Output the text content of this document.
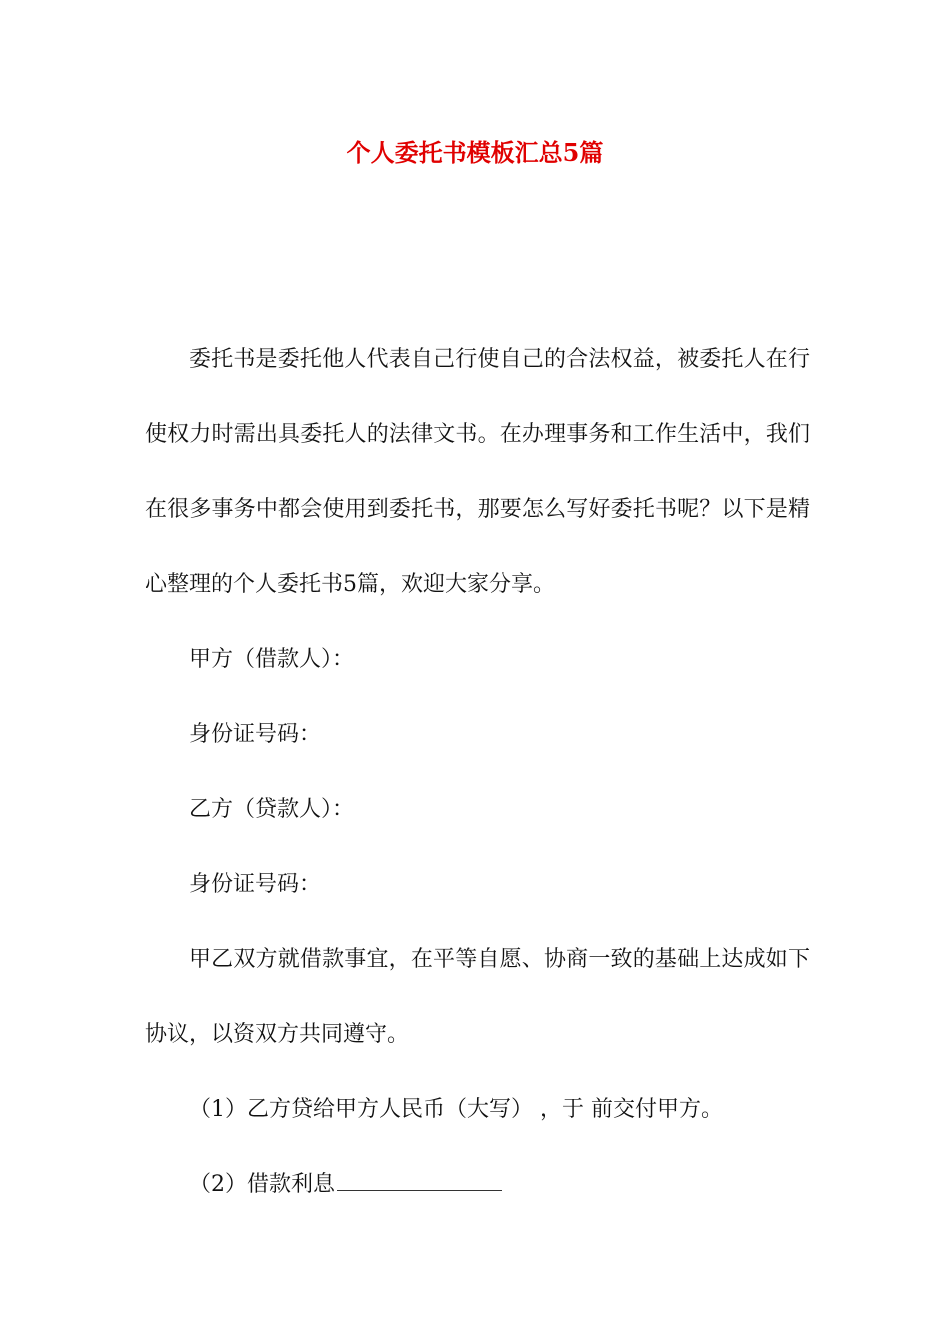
个人委托书模板汇总5篇

委托书是委托他人代表自己行使自己的合法权益，被委托人在行使权力时需出具委托人的法律文书。在办理事务和工作生活中，我们在很多事务中都会使用到委托书，那要怎么写好委托书呢？以下是精心整理的个人委托书5篇，欢迎大家分享。

甲方（借款人）：

身份证号码：

乙方（贷款人）：

身份证号码：

甲乙双方就借款事宜，在平等自愿、协商一致的基础上达成如下协议，以资双方共同遵守。

（1）乙方贷给甲方人民币（大写） ，于 前交付甲方。

（2）借款利息
